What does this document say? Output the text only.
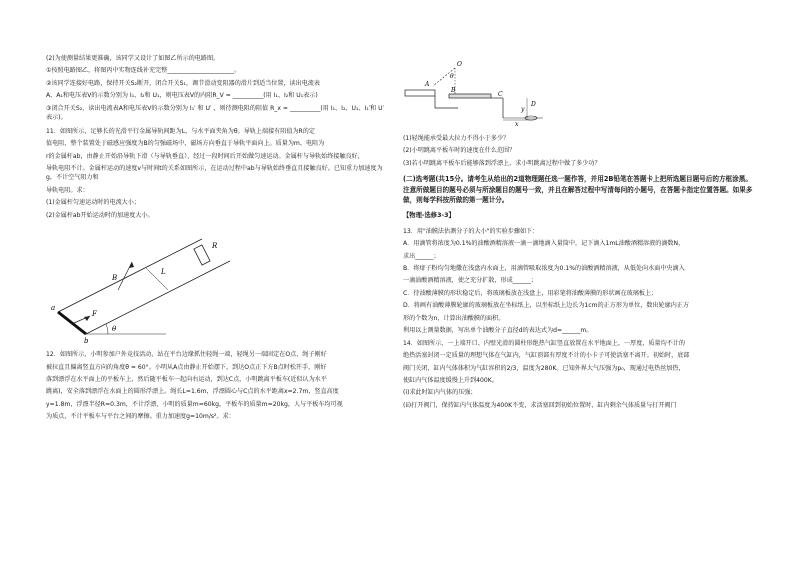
(2)为使测量结果更准确，该同学又设计了如图乙所示的电路图。

①按照电路图乙，将图丙中实物连线补充完整______________________。

②该同学连接好电路，保持开关S₂断开，闭合开关S₁，调节滑动变阻器的滑片到适当位置，读出电流表

A、A₁和电压表V的示数分别为 I₁、I₂和 U₁，则电压表V的内阻R_V = __________(用 I₁、I₂和 U₁表示)

③闭合开关S₂，读出电流表A和电压表V的示数分别为 I₁′ 和 U′ ，则待测电阻的阻值 R_x = __________(用 I₁、I₂、U₁、I₁′和 U′ 表示)。

11．如图所示，足够长的光滑平行金属导轨间距为L，与水平面夹角为θ。导轨上端接有阻值为R的定

值电阻，整个装置处于磁感应强度为B的匀强磁场中，磁场方向垂直于导轨平面向上。质量为m、电阻为

r的金属杆ab，由静止开始沿导轨下滑（与导轨垂直），经过一段时间后开始做匀速运动。金属杆与导轨始终接触良好，

导轨电阻不计。金属杆运动的速度v与时间t的关系如图所示，在运动过程中ab与导轨始终垂直且接触良好。已知重力加速度为g，不计空气阻力和

导轨电阻。求：

(1)金属杆匀速运动时的电流大小；

(2)金属杆ab开始运动时的加速度大小。

B
L
R
a
b
F
θ

12．如图所示，小明参加户外竞技活动，站在平台边缘抓住轻绳一端，轻绳另一端固定在O点，绳子刚好

被拉直且偏离竖直方向的角度θ = 60°。小明从A点由静止开始摆下，到达O点正下方B点时松开手，刚好

落到漂浮在水平面上的平板车上，然后随平板车一起向右运动，到达C点，小明跳离平板车(近似认为水平

跳离)，安全落到漂浮在水面上的圆形浮漂上。绳长L=1.6m，浮漂圆心与C点的水平距离x=2.7m，竖直高度

y=1.8m，浮漂半径R=0.3m，不计浮漂，小明的质量m=60kg，平板车的质量m=20kg，人与平板车均可视

为质点，不计平板车与平台之间的摩擦。重力加速度g=10m/s²。求：

O
A
B
C
D
x
y
θ

(1)轻绳能承受最大拉力不得小于多少？

(2)小明跳离平板车时的速度在什么范围？

(3)若小明跳离平板车后能够落到浮漂上，求小明跳离过程中做了多少功？

(二)选考题(共15分。请考生从给出的2道物理题任选一题作答，并用2B铅笔在答题卡上把所选题目题号后的方框涂黑。注意所做题目的题号必须与所涂题目的题号一致，并且在解答过程中写清每问的小题号，在答题卡指定位置答题。如果多做，则每学科按所做的第一题计分。

【物理-选修3-3】

13．用"油膜法估测分子的大小"的实验步骤如下：

A．用滴管将浓度为0.1%的油酸酒精溶液一滴一滴地滴入量筒中，记下滴入1mL油酸酒精溶液的滴数N，

求出______；

B．将痱子粉均匀地撒在浅盘内水面上，用滴管吸取浓度为0.1%的油酸酒精溶液，从低处向水面中央滴入

一滴油酸酒精溶液，使之充分扩散，形成______；

C．待油酸薄膜的形状稳定后，将玻璃板放在浅盘上，用彩笔将油酸薄膜的形状画在玻璃板上；

D．将画有油酸薄膜轮廓的玻璃板放在坐标纸上，以坐标纸上边长为1cm的正方形为单位，数出轮廓内正方

形的个数为n，计算出油酸膜的面积。

利用以上测量数据，写出单个油酸分子直径d的表达式为d=______m。

14．如图所示，一上端开口、内壁光滑的圆柱形绝热气缸竖直放置在水平地面上，一厚度、质量均不计的

绝热活塞封闭一定质量的理想气体在气缸内，气缸顶部有厚度不计的小卡子可使活塞不离开。初始时，底部

阀门关闭，缸内气体体积为气缸容积的2/3，温度为280K。已知外界大气压强为p₀，现通过电热丝加热，

使缸内气体温度缓慢上升到400K。

(i)求此时缸内气体的压强；

(ii)打开阀门，保持缸内气体温度为400K不变，求活塞回到初始位置时，缸内剩余气体质量与打开阀门
